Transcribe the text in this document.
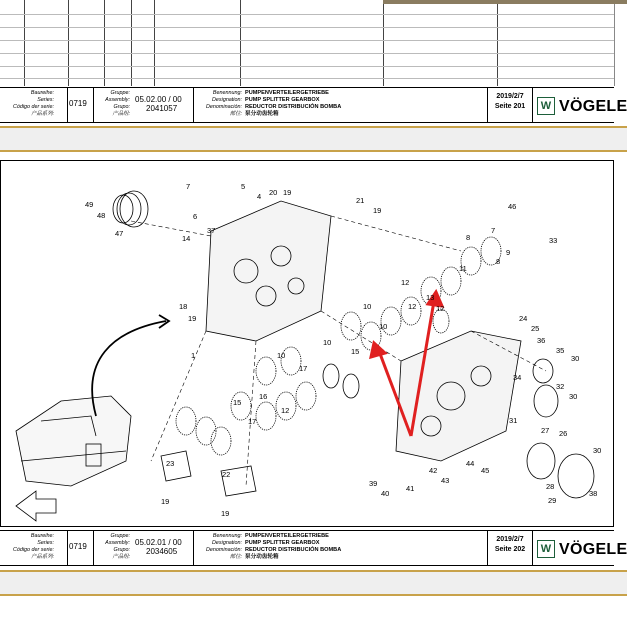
Baureihe:
Series:
Código der serie:
产品系列:
0719
Gruppe:
Assembly:
Grupo:
产品组:
05.02.00 / 00
2041057
Benennung:
Designation:
Denominación:
部位:
PUMPENVERTEILERGETRIEBE
PUMP SPLITTER GEARBOX
REDUCTOR DISTRIBUCIÓN BOMBA
泵分动齿轮箱
2019/2/7
Seite 201	W VÖGELE
49
48
47
7	5
6
4 20 19
21
19
37
14
46
8
7
8
33
9
11
12
13
10
10
12
12
18
19
1	15
24
25
36
10
17
10
16
35
30
34
31
32
30
27 26
17
15
12
23
22
39
41
42
43
44
45
40
28
29
30
38
19
19
Baureihe:
Series:
Código der serie:
产品系列:
0719
Gruppe:
Assembly:
Grupo:
产品组:
05.02.01 / 00
2034605
Benennung:
Designation:
Denominación:
部位:
PUMPENVERTEILERGETRIEBE
PUMP SPLITTER GEARBOX
REDUCTOR DISTRIBUCIÓN BOMBA
泵分动齿轮箱
2019/2/7
Seite 202	W VÖGELE
